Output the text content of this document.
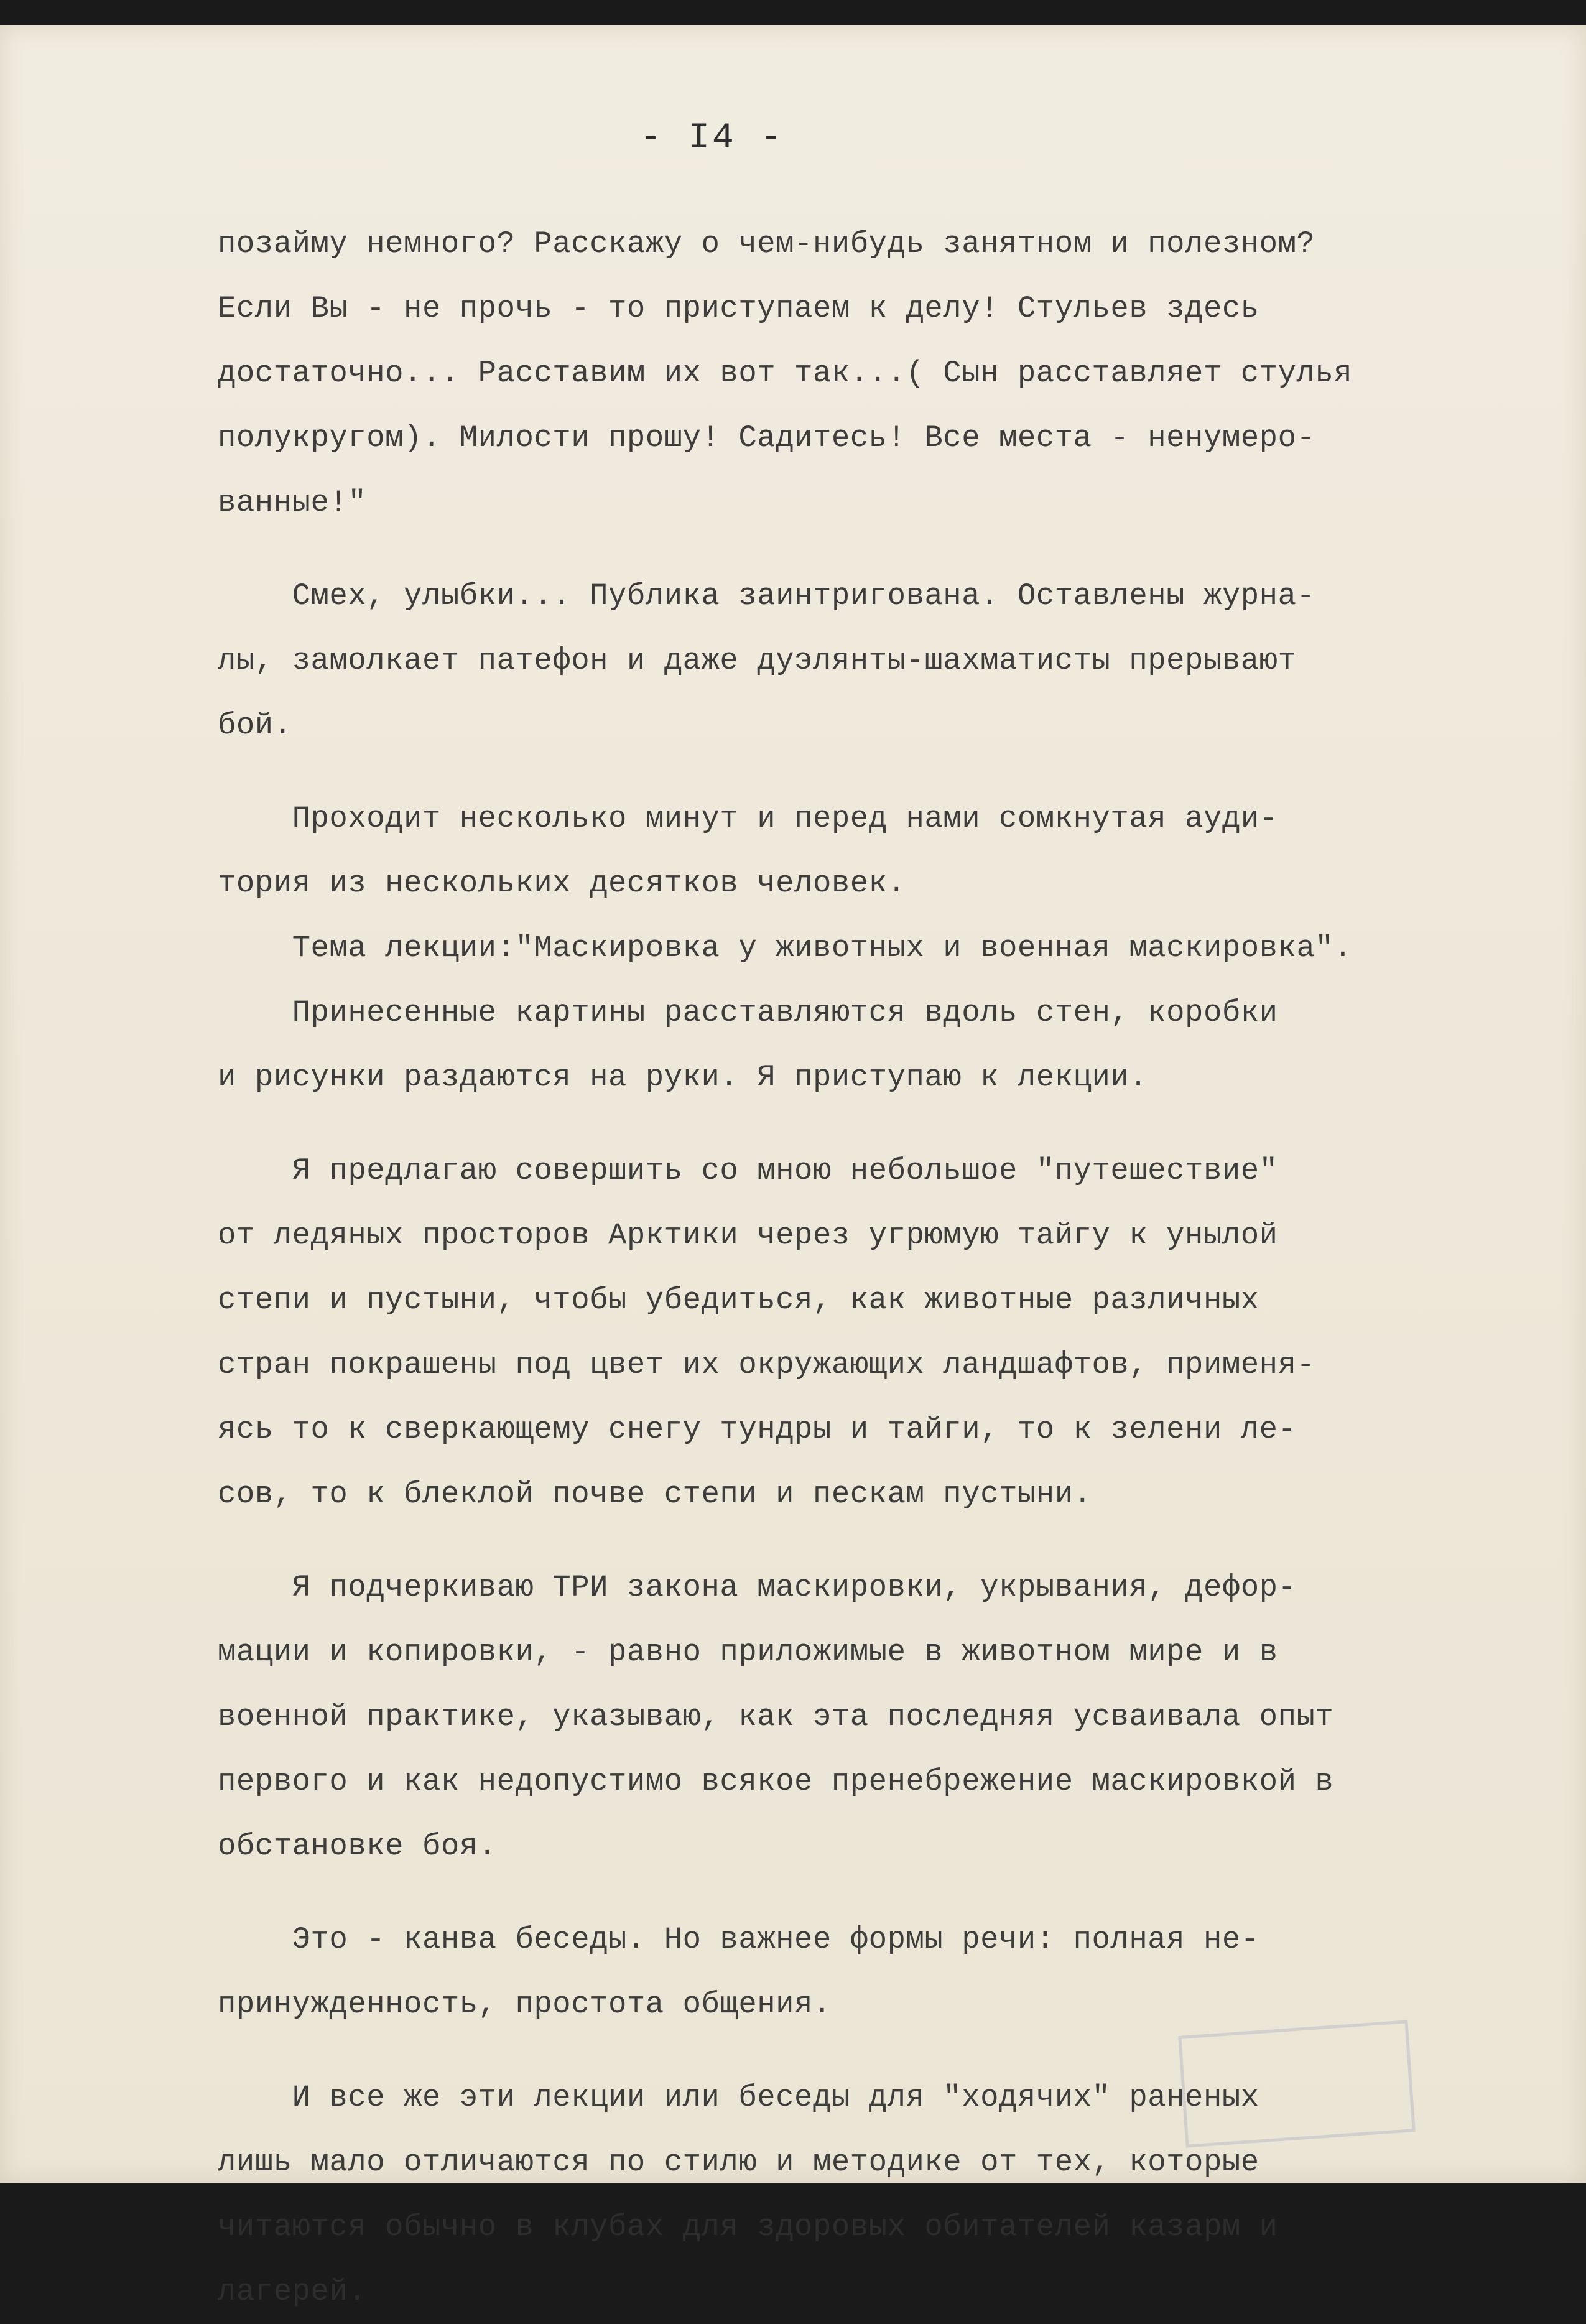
- I4 -
позайму немного? Расскажу о чем-нибудь занятном и полезном?
Если Вы - не прочь - то приступаем к делу! Стульев здесь
достаточно... Расставим их вот так...( Сын расставляет стулья
полукругом). Милости прошу! Садитесь! Все места - ненумеро-
ванные!"
Смех, улыбки... Публика заинтригована. Оставлены журна-
лы, замолкает патефон и даже дуэлянты-шахматисты прерывают
бой.
Проходит несколько минут и перед нами сомкнутая ауди-
тория из нескольких десятков человек.
Тема лекции:"Маскировка у животных и военная маскировка".
Принесенные картины расставляются вдоль стен, коробки
и рисунки раздаются на руки. Я приступаю к лекции.
Я предлагаю совершить со мною небольшое "путешествие"
от ледяных просторов Арктики через угрюмую тайгу к унылой
степи и пустыни, чтобы убедиться, как животные различных
стран покрашены под цвет их окружающих ландшафтов, применя-
ясь то к сверкающему снегу тундры и тайги, то к зелени ле-
сов, то к блеклой почве степи и пескам пустыни.
Я подчеркиваю ТРИ закона маскировки, укрывания, дефор-
мации и копировки, - равно приложимые в животном мире и в
военной практике, указываю, как эта последняя усваивала опыт
первого и как недопустимо всякое пренебрежение маскировкой в
обстановке боя.
Это - канва беседы. Но важнее формы речи: полная не-
принужденность, простота общения.
И все же эти лекции или беседы для "ходячих" раненых
лишь мало отличаются по стилю и методике от тех, которые
читаются обычно в клубах для здоровых обитателей казарм и
лагерей.
